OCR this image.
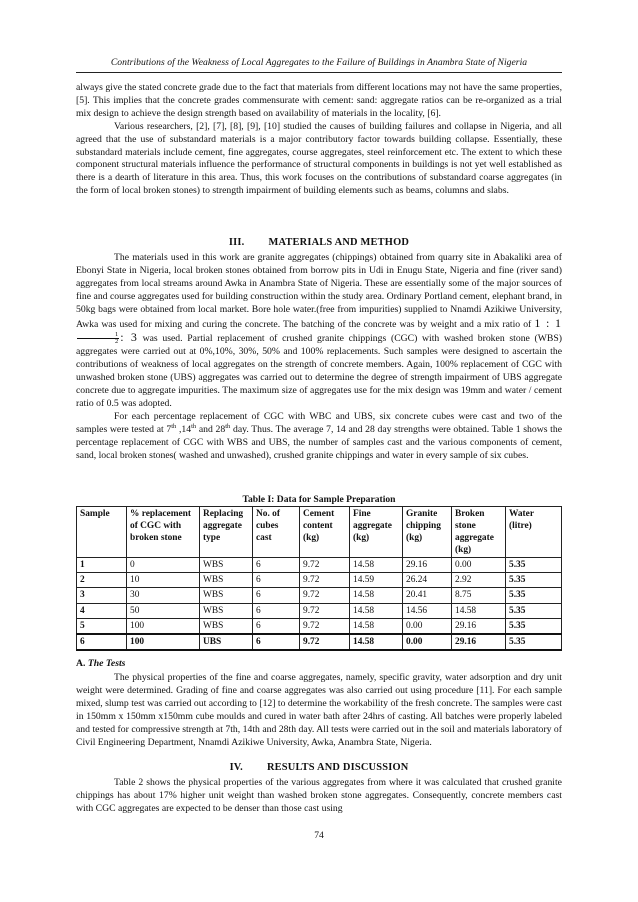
Contributions of the Weakness of Local Aggregates to the Failure of Buildings in Anambra State of Nigeria

always give the stated concrete grade due to the fact that materials from different locations may not have the same properties, [5]. This implies that the concrete grades commensurate with cement: sand: aggregate ratios can be re-organized as a trial mix design to achieve the design strength based on availability of materials in the locality, [6].

Various researchers, [2], [7], [8], [9], [10] studied the causes of building failures and collapse in Nigeria, and all agreed that the use of substandard materials is a major contributory factor towards building collapse. Essentially, these substandard materials include cement, fine aggregates, course aggregates, steel reinforcement etc. The extent to which these component structural materials influence the performance of structural components in buildings is not yet well established as there is a dearth of literature in this area. Thus, this work focuses on the contributions of substandard coarse aggregates (in the form of local broken stones) to strength impairment of building elements such as beams, columns and slabs.

III. MATERIALS AND METHOD

The materials used in this work are granite aggregates (chippings) obtained from quarry site in Abakaliki area of Ebonyi State in Nigeria, local broken stones obtained from borrow pits in Udi in Enugu State, Nigeria and fine (river sand) aggregates from local streams around Awka in Anambra State of Nigeria. These are essentially some of the major sources of fine and course aggregates used for building construction within the study area. Ordinary Portland cement, elephant brand, in 50kg bags were obtained from local market. Bore hole water.(free from impurities) supplied to Nnamdi Azikiwe University, Awka was used for mixing and curing the concrete. The batching of the concrete was by weight and a mix ratio of 1 : 1
$\frac{1}{2}$ : 3 was used. Partial replacement of crushed granite chippings (CGC) with washed broken stone (WBS) aggregates were carried out at 0%,10%, 30%, 50% and 100% replacements. Such samples were designed to ascertain the contributions of weakness of local aggregates on the strength of concrete members. Again, 100% replacement of CGC with unwashed broken stone (UBS) aggregates was carried out to determine the degree of strength impairment of UBS aggregate concrete due to aggregate impurities. The maximum size of aggregates use for the mix design was 19mm and water / cement ratio of 0.5 was adopted.

For each percentage replacement of CGC with WBC and UBS, six concrete cubes were cast and two of the samples were tested at 7th ,14th and 28th day. Thus. The average 7, 14 and 28 day strengths were obtained. Table 1 shows the percentage replacement of CGC with WBS and UBS, the number of samples cast and the various components of cement, sand, local broken stones( washed and unwashed), crushed granite chippings and water in every sample of six cubes.

Table I: Data for Sample Preparation
Sample	% replacement of CGC with broken stone	Replacing aggregate type	No. of cubes cast	Cement content (kg)	Fine aggregate (kg)	Granite chipping (kg)	Broken stone aggregate (kg)	Water (litre)
1	0	WBS	6	9.72	14.58	29.16	0.00	5.35
2	10	WBS	6	9.72	14.59	26.24	2.92	5.35
3	30	WBS	6	9.72	14.58	20.41	8.75	5.35
4	50	WBS	6	9.72	14.58	14.56	14.58	5.35
5	100	WBS	6	9.72	14.58	0.00	29.16	5.35
6	100	UBS	6	9.72	14.58	0.00	29.16	5.35
A. The Tests

The physical properties of the fine and coarse aggregates, namely, specific gravity, water adsorption and dry unit weight were determined. Grading of fine and coarse aggregates was also carried out using procedure [11]. For each sample mixed, slump test was carried out according to [12] to determine the workability of the fresh concrete. The samples were cast in 150mm x 150mm x150mm cube moulds and cured in water bath after 24hrs of casting. All batches were properly labeled and tested for compressive strength at 7th, 14th and 28th day. All tests were carried out in the soil and materials laboratory of Civil Engineering Department, Nnamdi Azikiwe University, Awka, Anambra State, Nigeria.

IV. RESULTS AND DISCUSSION

Table 2 shows the physical properties of the various aggregates from where it was calculated that crushed granite chippings has about 17% higher unit weight than washed broken stone aggregates. Consequently, concrete members cast with CGC aggregates are expected to be denser than those cast using

74
